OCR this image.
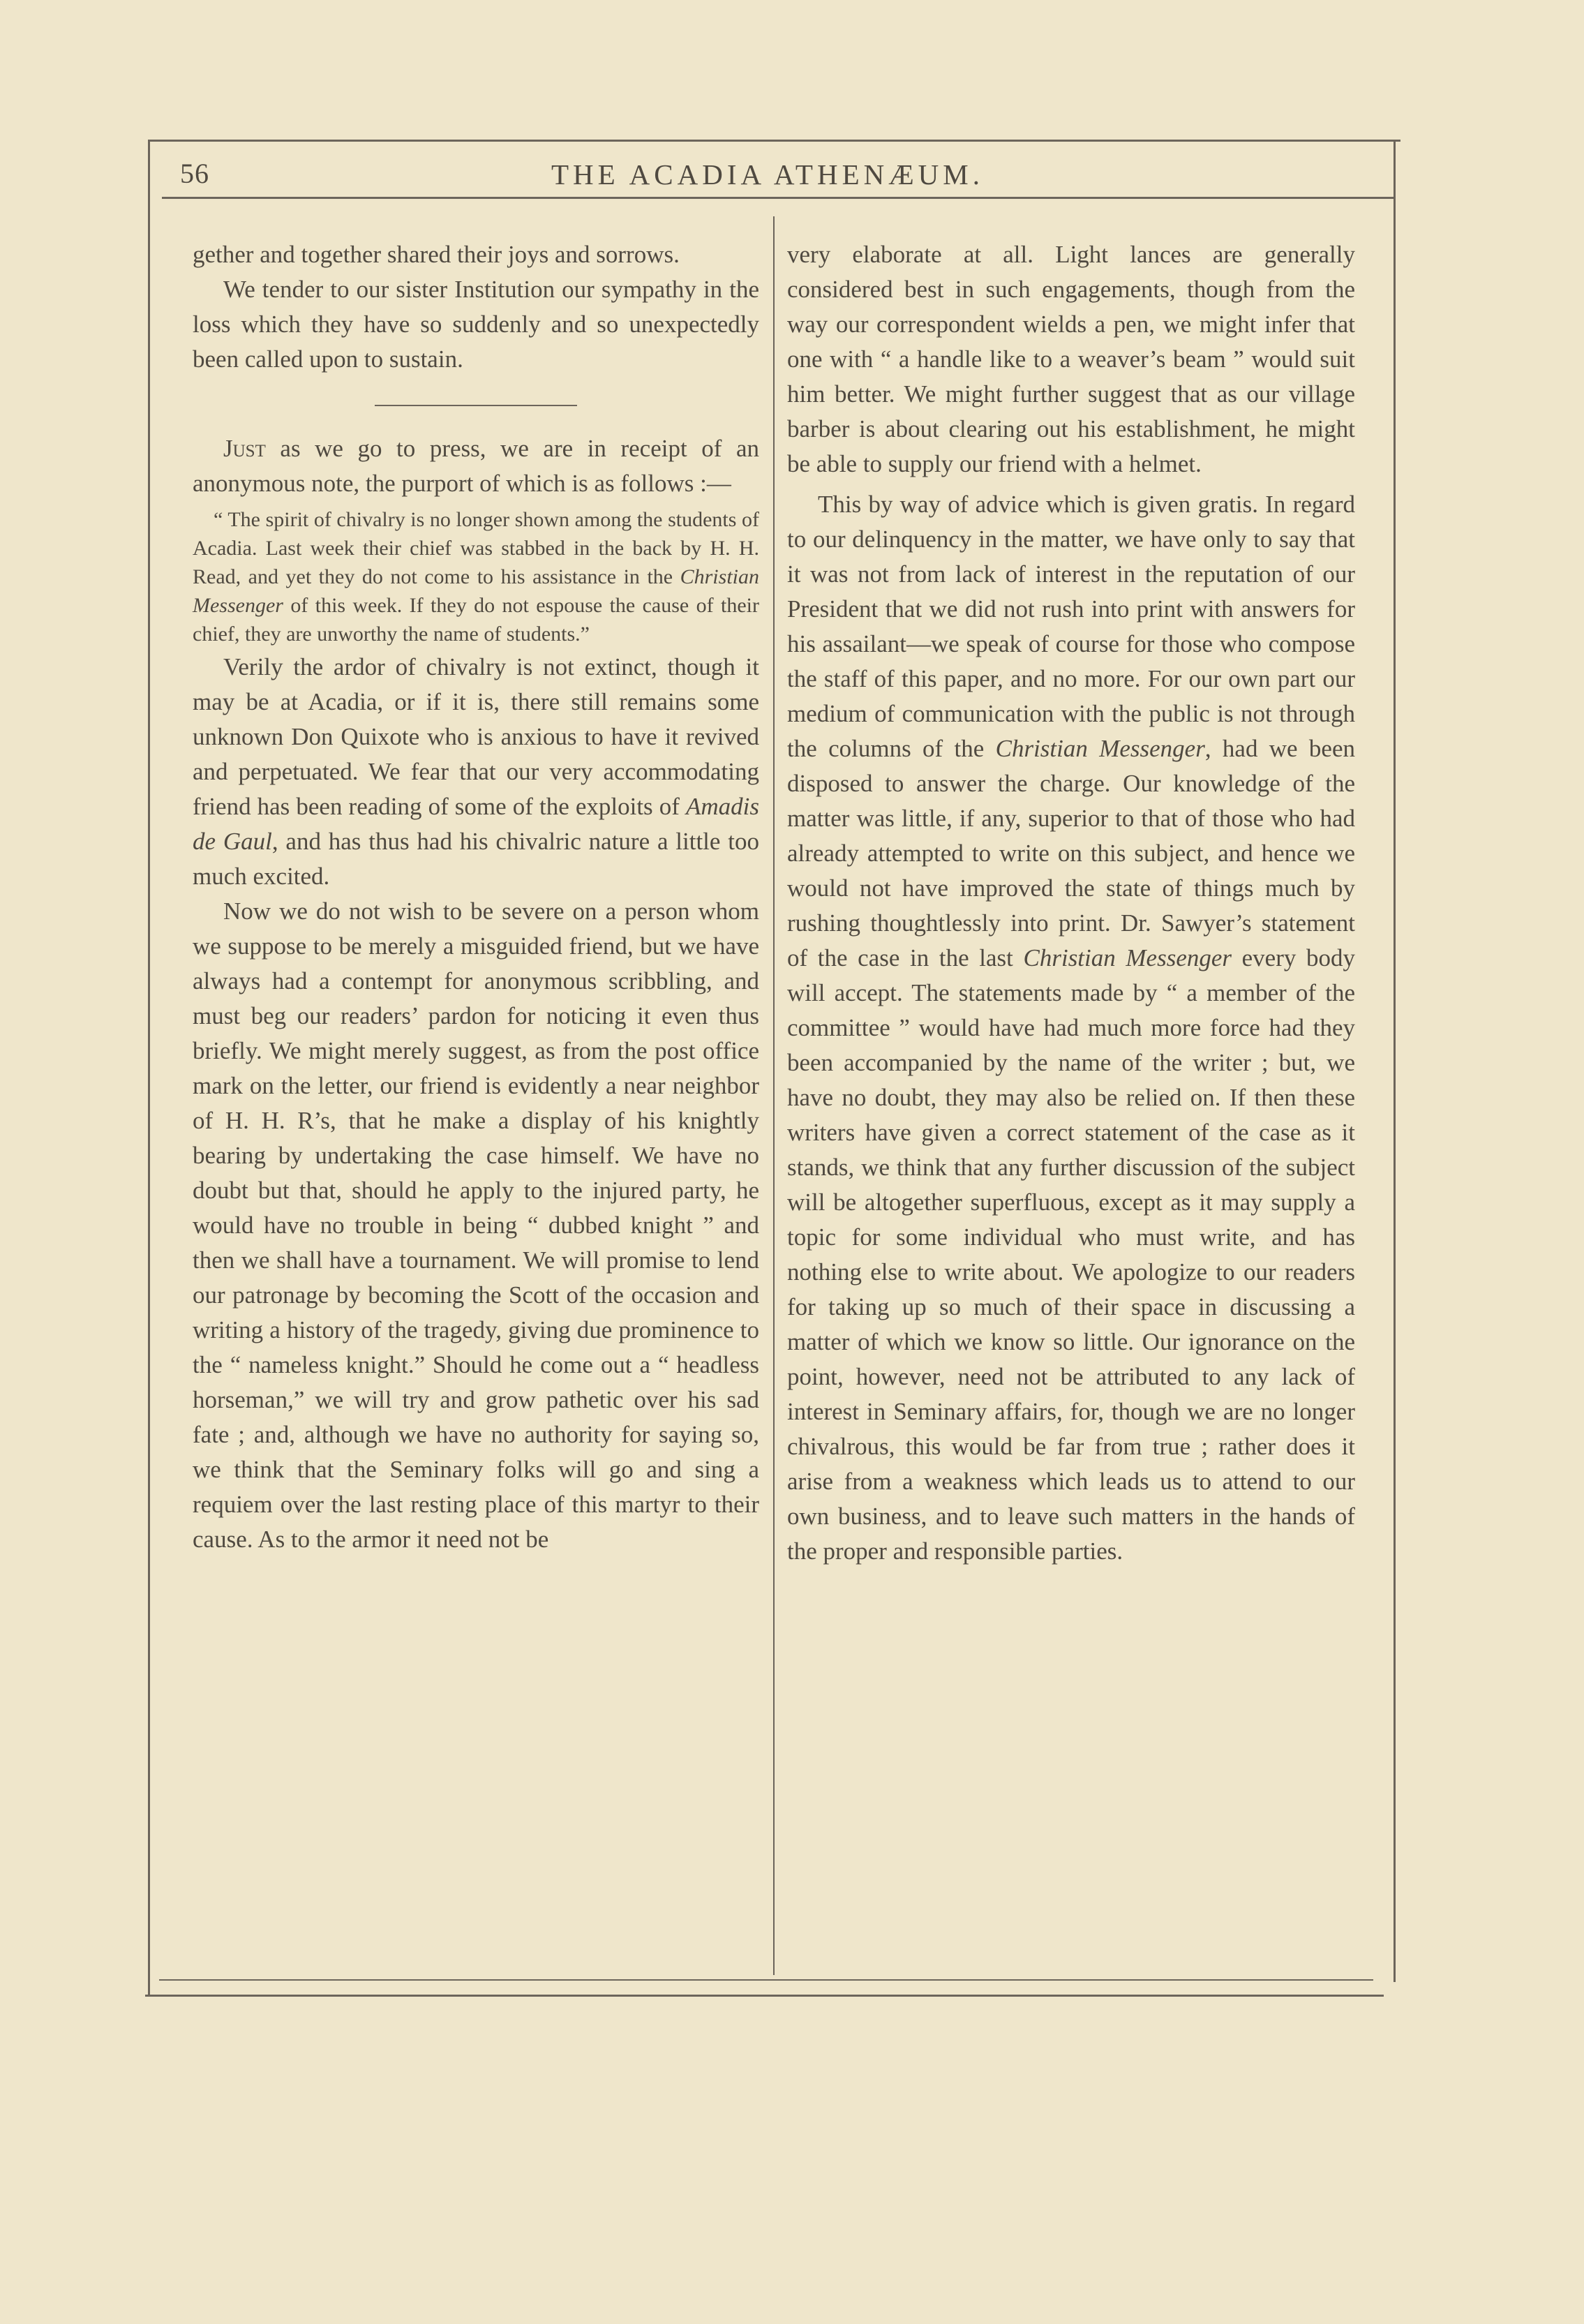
56	THE ACADIA ATHENÆUM.

gether and together shared their joys and sorrows.

We tender to our sister Institution our sympathy in the loss which they have so suddenly and so unexpectedly been called upon to sustain.

Just as we go to press, we are in receipt of an anonymous note, the purport of which is as follows :—

“ The spirit of chivalry is no longer shown among the students of Acadia. Last week their chief was stabbed in the back by H. H. Read, and yet they do not come to his assistance in the Christian Messenger of this week. If they do not espouse the cause of their chief, they are unworthy the name of students.”

Verily the ardor of chivalry is not extinct, though it may be at Acadia, or if it is, there still remains some unknown Don Quixote who is anxious to have it revived and perpetuated. We fear that our very accommodating friend has been reading of some of the exploits of Amadis de Gaul, and has thus had his chivalric nature a little too much excited.

Now we do not wish to be severe on a person whom we suppose to be merely a misguided friend, but we have always had a contempt for anonymous scribbling, and must beg our readers’ pardon for noticing it even thus briefly. We might merely suggest, as from the post office mark on the letter, our friend is evidently a near neighbor of H. H. R’s, that he make a display of his knightly bearing by undertaking the case himself. We have no doubt but that, should he apply to the injured party, he would have no trouble in being “ dubbed knight ” and then we shall have a tournament. We will promise to lend our patronage by becoming the Scott of the occasion and writing a history of the tragedy, giving due prominence to the “ nameless knight.” Should he come out a “ headless horseman,” we will try and grow pathetic over his sad fate ; and, although we have no authority for saying so, we think that the Seminary folks will go and sing a requiem over the last resting place of this martyr to their cause. As to the armor it need not be

very elaborate at all. Light lances are generally considered best in such engagements, though from the way our correspondent wields a pen, we might infer that one with “ a handle like to a weaver’s beam ” would suit him better. We might further suggest that as our village barber is about clearing out his establishment, he might be able to supply our friend with a helmet.

This by way of advice which is given gratis. In regard to our delinquency in the matter, we have only to say that it was not from lack of interest in the reputation of our President that we did not rush into print with answers for his assailant—we speak of course for those who compose the staff of this paper, and no more. For our own part our medium of communication with the public is not through the columns of the Christian Messenger, had we been disposed to answer the charge. Our knowledge of the matter was little, if any, superior to that of those who had already attempted to write on this subject, and hence we would not have improved the state of things much by rushing thoughtlessly into print. Dr. Sawyer’s statement of the case in the last Christian Messenger every body will accept. The statements made by “ a member of the committee ” would have had much more force had they been accompanied by the name of the writer ; but, we have no doubt, they may also be relied on. If then these writers have given a correct statement of the case as it stands, we think that any further discussion of the subject will be altogether superfluous, except as it may supply a topic for some individual who must write, and has nothing else to write about. We apologize to our readers for taking up so much of their space in discussing a matter of which we know so little. Our ignorance on the point, however, need not be attributed to any lack of interest in Seminary affairs, for, though we are no longer chivalrous, this would be far from true ; rather does it arise from a weakness which leads us to attend to our own business, and to leave such matters in the hands of the proper and responsible parties.
